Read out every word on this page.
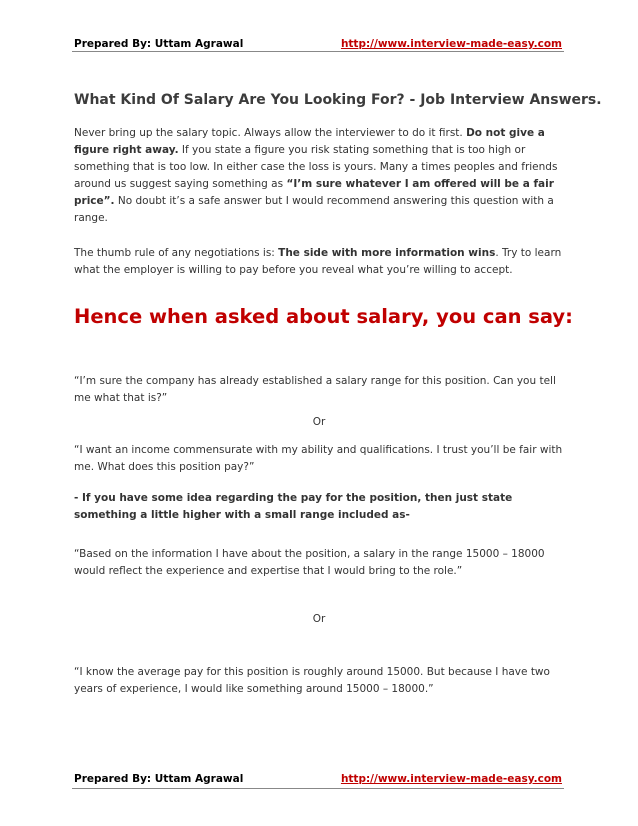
Prepared By: Uttam Agrawal	http://www.interview-made-easy.com
What Kind Of Salary Are You Looking For? - Job Interview Answers.

Never bring up the salary topic. Always allow the interviewer to do it first. Do not give a figure right away. If you state a figure you risk stating something that is too high or something that is too low. In either case the loss is yours. Many a times peoples and friends around us suggest saying something as “I’m sure whatever I am offered will be a fair price”. No doubt it’s a safe answer but I would recommend answering this question with a range.

The thumb rule of any negotiations is: The side with more information wins. Try to learn what the employer is willing to pay before you reveal what you’re willing to accept.

Hence when asked about salary, you can say:

“I’m sure the company has already established a salary range for this position. Can you tell me what that is?”

Or

“I want an income commensurate with my ability and qualifications. I trust you’ll be fair with me. What does this position pay?”

- If you have some idea regarding the pay for the position, then just state something a little higher with a small range included as-

“Based on the information I have about the position, a salary in the range 15000 – 18000 would reflect the experience and expertise that I would bring to the role.”

Or

“I know the average pay for this position is roughly around 15000. But because I have two years of experience, I would like something around 15000 – 18000.”

Prepared By: Uttam Agrawal	http://www.interview-made-easy.com
